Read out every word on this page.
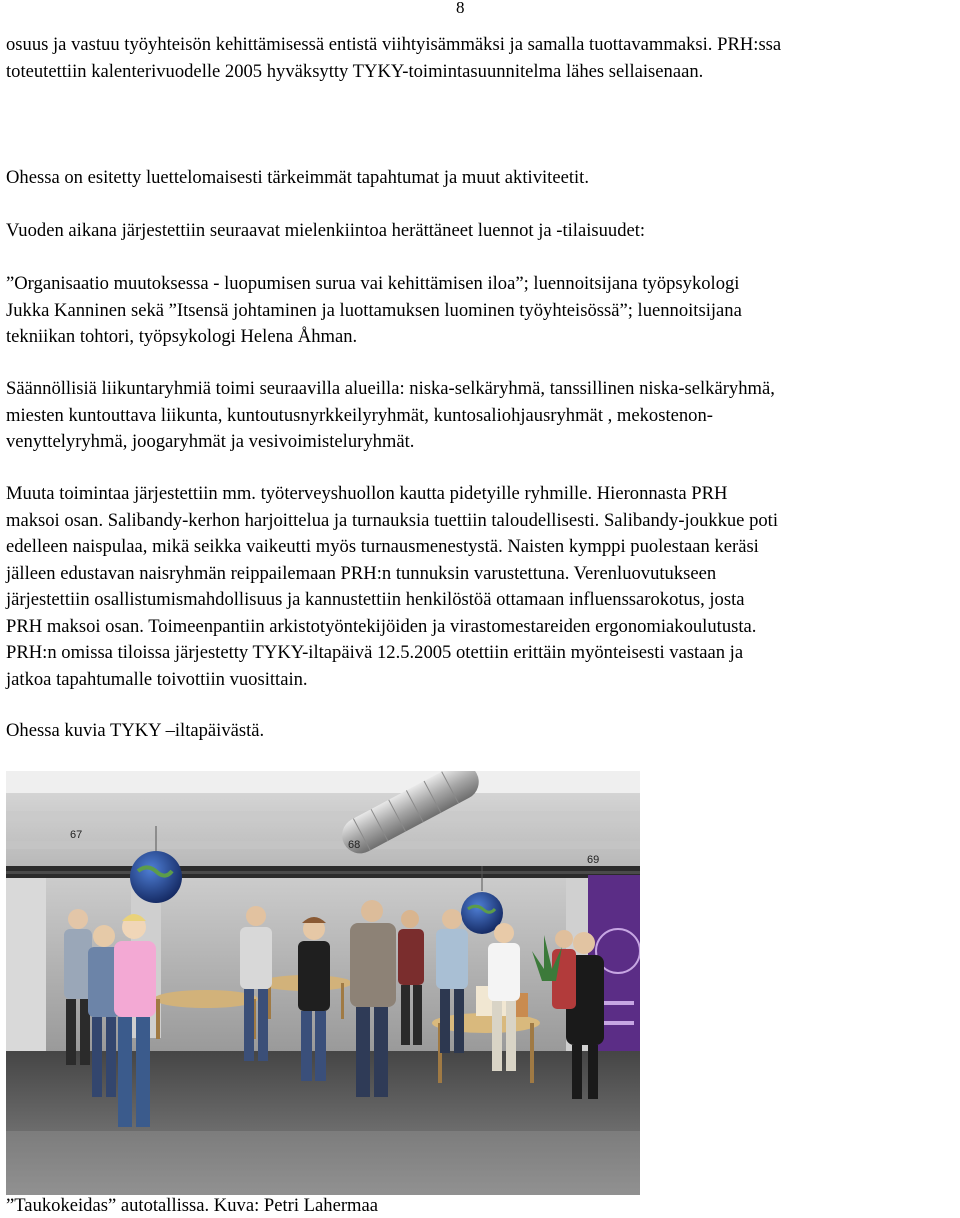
8

osuus ja vastuu työyhteisön kehittämisessä entistä viihtyisämmäksi ja samalla tuottavammaksi. PRH:ssa
toteutettiin kalenterivuodelle 2005 hyväksytty TYKY-toimintasuunnitelma lähes sellaisenaan.

Ohessa on esitetty luettelomaisesti tärkeimmät tapahtumat ja muut aktiviteetit.

Vuoden aikana järjestettiin seuraavat mielenkiintoa herättäneet luennot ja -tilaisuudet:

”Organisaatio muutoksessa - luopumisen surua vai kehittämisen iloa”; luennoitsijana työpsykologi
Jukka Kanninen sekä ”Itsensä johtaminen ja luottamuksen luominen työyhteisössä”; luennoitsijana
tekniikan tohtori, työpsykologi Helena Åhman.

Säännöllisiä liikuntaryhmiä toimi seuraavilla alueilla: niska-selkäryhmä, tanssillinen niska-selkäryhmä,
miesten kuntouttava liikunta, kuntoutusnyrkkeilyryhmät, kuntosaliohjausryhmät , mekostenon-
venyttelyryhmä, joogaryhmät ja vesivoimisteluryhmät.

Muuta toimintaa järjestettiin mm. työterveyshuollon kautta pidetyille ryhmille. Hieronnasta PRH
maksoi osan. Salibandy-kerhon harjoittelua ja turnauksia tuettiin taloudellisesti. Salibandy-joukkue poti
edelleen naispulaa, mikä seikka vaikeutti myös turnausmenestystä. Naisten kymppi puolestaan keräsi
jälleen edustavan naisryhmän reippailemaan PRH:n tunnuksin varustettuna. Verenluovutukseen
järjestettiin osallistumismahdollisuus ja kannustettiin henkilöstöä ottamaan influenssarokotus, josta
PRH maksoi osan. Toimeenpantiin arkistotyöntekijöiden ja virastomestareiden ergonomiakoulutusta.
PRH:n omissa tiloissa järjestetty TYKY-iltapäivä 12.5.2005 otettiin erittäin myönteisesti vastaan ja
jatkoa tapahtumalle toivottiin vuosittain.

Ohessa kuvia TYKY –iltapäivästä.

67
68
69
”Taukokeidas” autotallissa. Kuva: Petri Lahermaa
